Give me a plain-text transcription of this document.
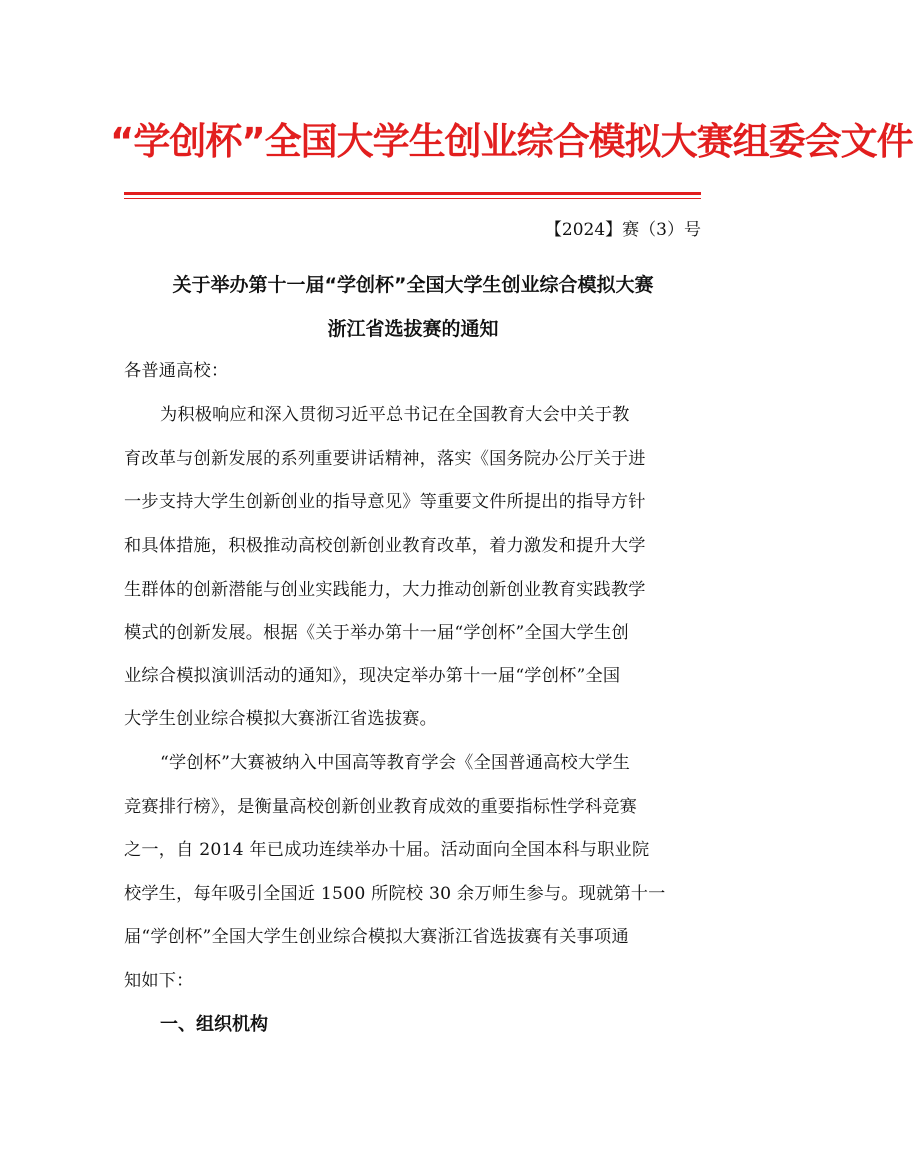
“学创杯”全国大学生创业综合模拟大赛组委会文件
【2024】赛（3）号
关于举办第十一届“学创杯”全国大学生创业综合模拟大赛
浙江省选拔赛的通知
各普通高校：
为积极响应和深入贯彻习近平总书记在全国教育大会中关于教
育改革与创新发展的系列重要讲话精神，落实《国务院办公厅关于进
一步支持大学生创新创业的指导意见》等重要文件所提出的指导方针
和具体措施，积极推动高校创新创业教育改革，着力激发和提升大学
生群体的创新潜能与创业实践能力，大力推动创新创业教育实践教学
模式的创新发展。根据《关于举办第十一届“学创杯”全国大学生创
业综合模拟演训活动的通知》，现决定举办第十一届“学创杯”全国
大学生创业综合模拟大赛浙江省选拔赛。
“学创杯”大赛被纳入中国高等教育学会《全国普通高校大学生
竞赛排行榜》，是衡量高校创新创业教育成效的重要指标性学科竞赛
之一，自 2014 年已成功连续举办十届。活动面向全国本科与职业院
校学生，每年吸引全国近 1500 所院校 30 余万师生参与。现就第十一
届“学创杯”全国大学生创业综合模拟大赛浙江省选拔赛有关事项通
知如下：
一、组织机构
